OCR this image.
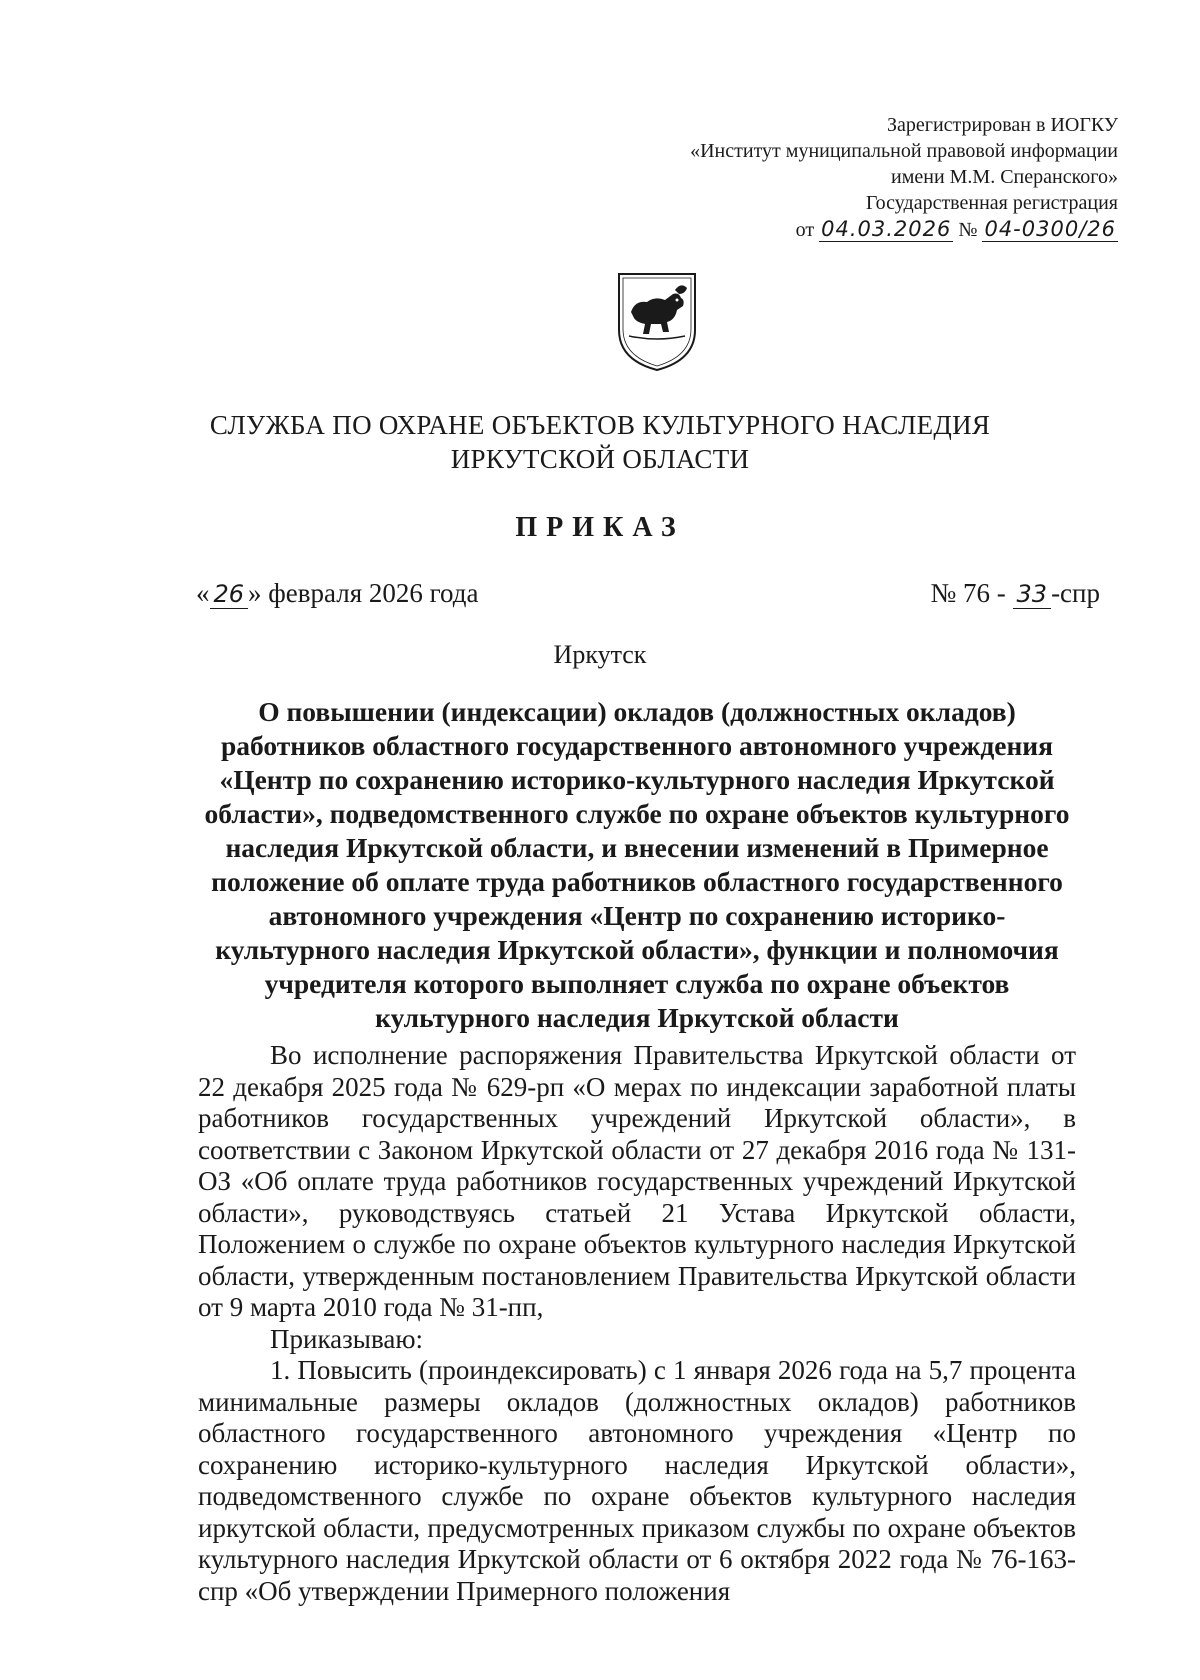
Зарегистрирован в ИОГКУ
«Институт муниципальной правовой информации
имени М.М. Сперанского»
Государственная регистрация
от 04.03.2026 № 04-0300/26
СЛУЖБА ПО ОХРАНЕ ОБЪЕКТОВ КУЛЬТУРНОГО НАСЛЕДИЯ
ИРКУТСКОЙ ОБЛАСТИ
ПРИКАЗ
« 26 » февраля 2026 года	№ 76 - 33 -спр
Иркутск
О повышении (индексации) окладов (должностных окладов) работников областного государственного автономного учреждения «Центр по сохранению историко-культурного наследия Иркутской области», подведомственного службе по охране объектов культурного наследия Иркутской области, и внесении изменений в Примерное положение об оплате труда работников областного государственного автономного учреждения «Центр по сохранению историко-культурного наследия Иркутской области», функции и полномочия учредителя которого выполняет служба по охране объектов культурного наследия Иркутской области

Во исполнение распоряжения Правительства Иркутской области от 22 декабря 2025 года № 629-рп «О мерах по индексации заработной платы работников государственных учреждений Иркутской области», в соответствии с Законом Иркутской области от 27 декабря 2016 года № 131-ОЗ «Об оплате труда работников государственных учреждений Иркутской области», руководствуясь статьей 21 Устава Иркутской области, Положением о службе по охране объектов культурного наследия Иркутской области, утвержденным постановлением Правительства Иркутской области от 9 марта 2010 года № 31-пп,

Приказываю:

1. Повысить (проиндексировать) с 1 января 2026 года на 5,7 процента минимальные размеры окладов (должностных окладов) работников областного государственного автономного учреждения «Центр по сохранению историко-культурного наследия Иркутской области», подведомственного службе по охране объектов культурного наследия иркутской области, предусмотренных приказом службы по охране объектов культурного наследия Иркутской области от 6 октября 2022 года № 76-163-спр «Об утверждении Примерного положения
